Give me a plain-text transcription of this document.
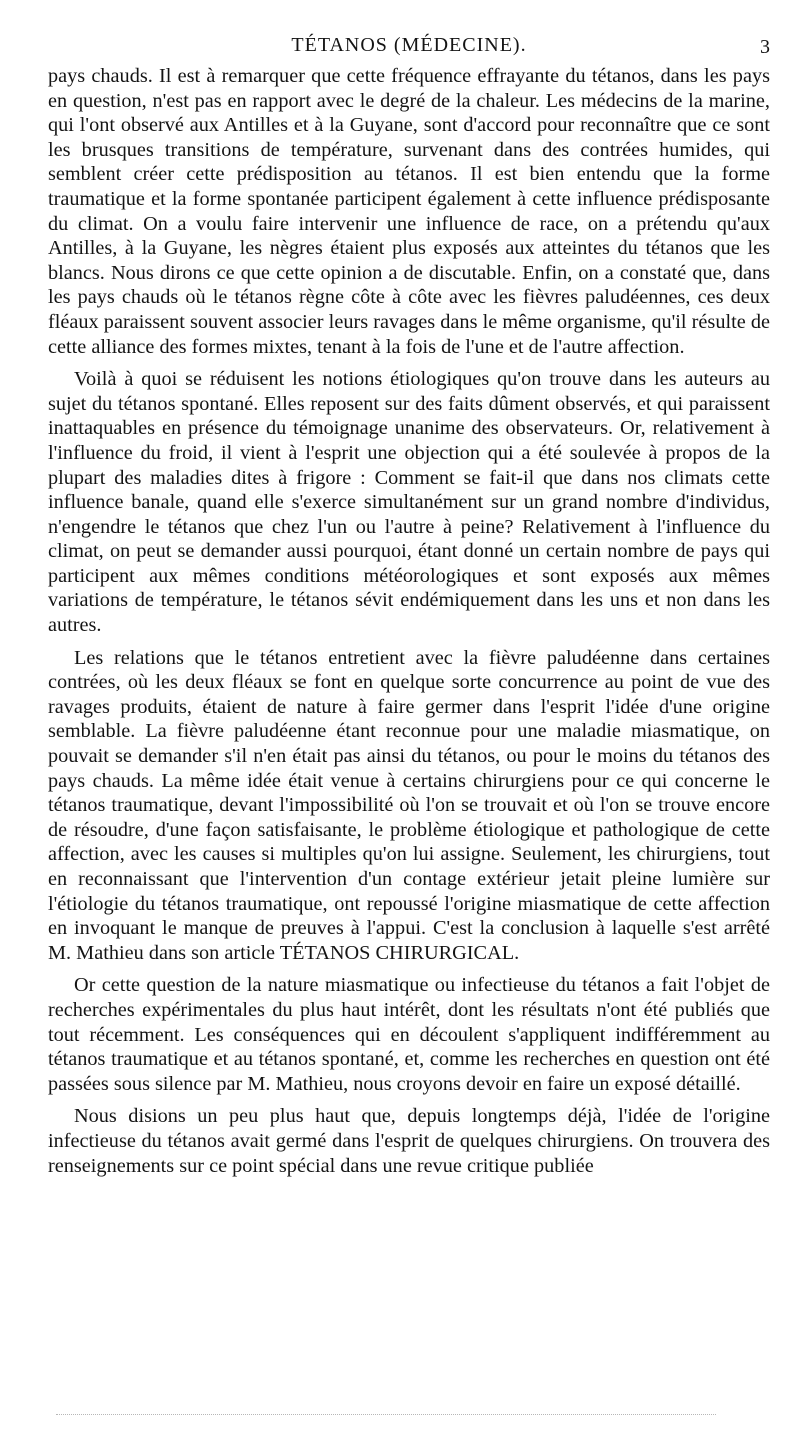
TÉTANOS (MÉDECINE).	3

pays chauds. Il est à remarquer que cette fréquence effrayante du tétanos, dans les pays en question, n'est pas en rapport avec le degré de la chaleur. Les médecins de la marine, qui l'ont observé aux Antilles et à la Guyane, sont d'accord pour reconnaître que ce sont les brusques transitions de température, survenant dans des contrées humides, qui semblent créer cette prédisposition au tétanos. Il est bien entendu que la forme traumatique et la forme spontanée participent également à cette influence prédisposante du climat. On a voulu faire intervenir une influence de race, on a prétendu qu'aux Antilles, à la Guyane, les nègres étaient plus exposés aux atteintes du tétanos que les blancs. Nous dirons ce que cette opinion a de discutable. Enfin, on a constaté que, dans les pays chauds où le tétanos règne côte à côte avec les fièvres paludéennes, ces deux fléaux paraissent souvent associer leurs ravages dans le même organisme, qu'il résulte de cette alliance des formes mixtes, tenant à la fois de l'une et de l'autre affection.

Voilà à quoi se réduisent les notions étiologiques qu'on trouve dans les auteurs au sujet du tétanos spontané. Elles reposent sur des faits dûment observés, et qui paraissent inattaquables en présence du témoignage unanime des observateurs. Or, relativement à l'influence du froid, il vient à l'esprit une objection qui a été soulevée à propos de la plupart des maladies dites à frigore : Comment se fait-il que dans nos climats cette influence banale, quand elle s'exerce simultanément sur un grand nombre d'individus, n'engendre le tétanos que chez l'un ou l'autre à peine? Relativement à l'influence du climat, on peut se demander aussi pourquoi, étant donné un certain nombre de pays qui participent aux mêmes conditions météorologiques et sont exposés aux mêmes variations de température, le tétanos sévit endémiquement dans les uns et non dans les autres.

Les relations que le tétanos entretient avec la fièvre paludéenne dans certaines contrées, où les deux fléaux se font en quelque sorte concurrence au point de vue des ravages produits, étaient de nature à faire germer dans l'esprit l'idée d'une origine semblable. La fièvre paludéenne étant reconnue pour une maladie miasmatique, on pouvait se demander s'il n'en était pas ainsi du tétanos, ou pour le moins du tétanos des pays chauds. La même idée était venue à certains chirurgiens pour ce qui concerne le tétanos traumatique, devant l'impossibilité où l'on se trouvait et où l'on se trouve encore de résoudre, d'une façon satisfaisante, le problème étiologique et pathologique de cette affection, avec les causes si multiples qu'on lui assigne. Seulement, les chirurgiens, tout en reconnaissant que l'intervention d'un contage extérieur jetait pleine lumière sur l'étiologie du tétanos traumatique, ont repoussé l'origine miasmatique de cette affection en invoquant le manque de preuves à l'appui. C'est la conclusion à laquelle s'est arrêté M. Mathieu dans son article TÉTANOS CHIRURGICAL.

Or cette question de la nature miasmatique ou infectieuse du tétanos a fait l'objet de recherches expérimentales du plus haut intérêt, dont les résultats n'ont été publiés que tout récemment. Les conséquences qui en découlent s'appliquent indifféremment au tétanos traumatique et au tétanos spontané, et, comme les recherches en question ont été passées sous silence par M. Mathieu, nous croyons devoir en faire un exposé détaillé.

Nous disions un peu plus haut que, depuis longtemps déjà, l'idée de l'origine infectieuse du tétanos avait germé dans l'esprit de quelques chirurgiens. On trouvera des renseignements sur ce point spécial dans une revue critique publiée
